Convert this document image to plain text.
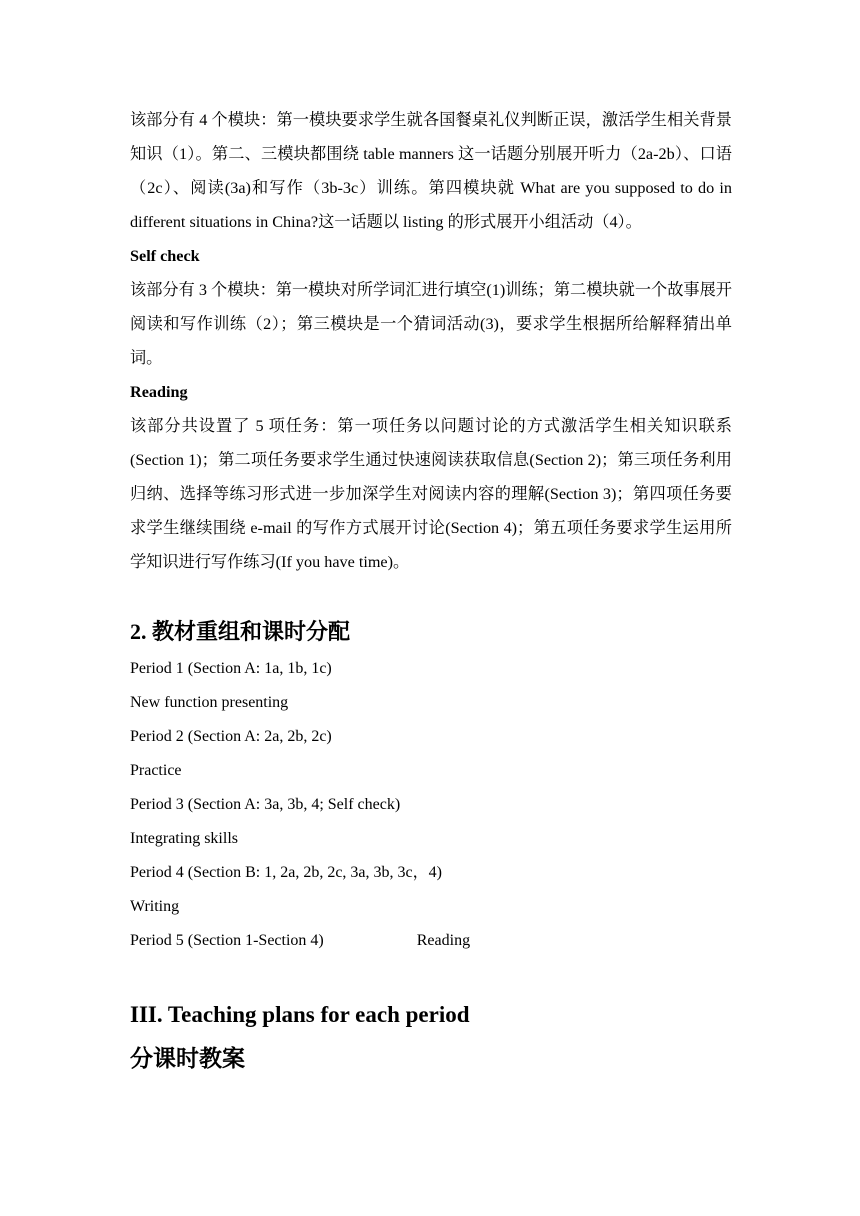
该部分有 4 个模块：第一模块要求学生就各国餐桌礼仪判断正误，激活学生相关背景知识（1）。第二、三模块都围绕 table manners 这一话题分别展开听力（2a-2b）、口语（2c）、阅读(3a)和写作（3b-3c）训练。第四模块就 What are you supposed to do in different situations in China?这一话题以 listing 的形式展开小组活动（4）。

Self check

该部分有 3 个模块：第一模块对所学词汇进行填空(1)训练；第二模块就一个故事展开阅读和写作训练（2）；第三模块是一个猜词活动(3)，要求学生根据所给解释猜出单词。

Reading

该部分共设置了 5 项任务：第一项任务以问题讨论的方式激活学生相关知识联系(Section 1)；第二项任务要求学生通过快速阅读获取信息(Section 2)；第三项任务利用归纳、选择等练习形式进一步加深学生对阅读内容的理解(Section 3)；第四项任务要求学生继续围绕 e-mail 的写作方式展开讨论(Section 4)；第五项任务要求学生运用所学知识进行写作练习(If you have time)。

2. 教材重组和课时分配

Period 1 (Section A: 1a, 1b, 1c)

New function presenting

Period 2 (Section A: 2a, 2b, 2c)

Practice

Period 3 (Section A: 3a, 3b, 4; Self check)

Integrating skills

Period 4 (Section B: 1, 2a, 2b, 2c, 3a, 3b, 3c，4)

Writing

Period 5 (Section 1-Section 4)	Reading

III. Teaching plans for each period
分课时教案
